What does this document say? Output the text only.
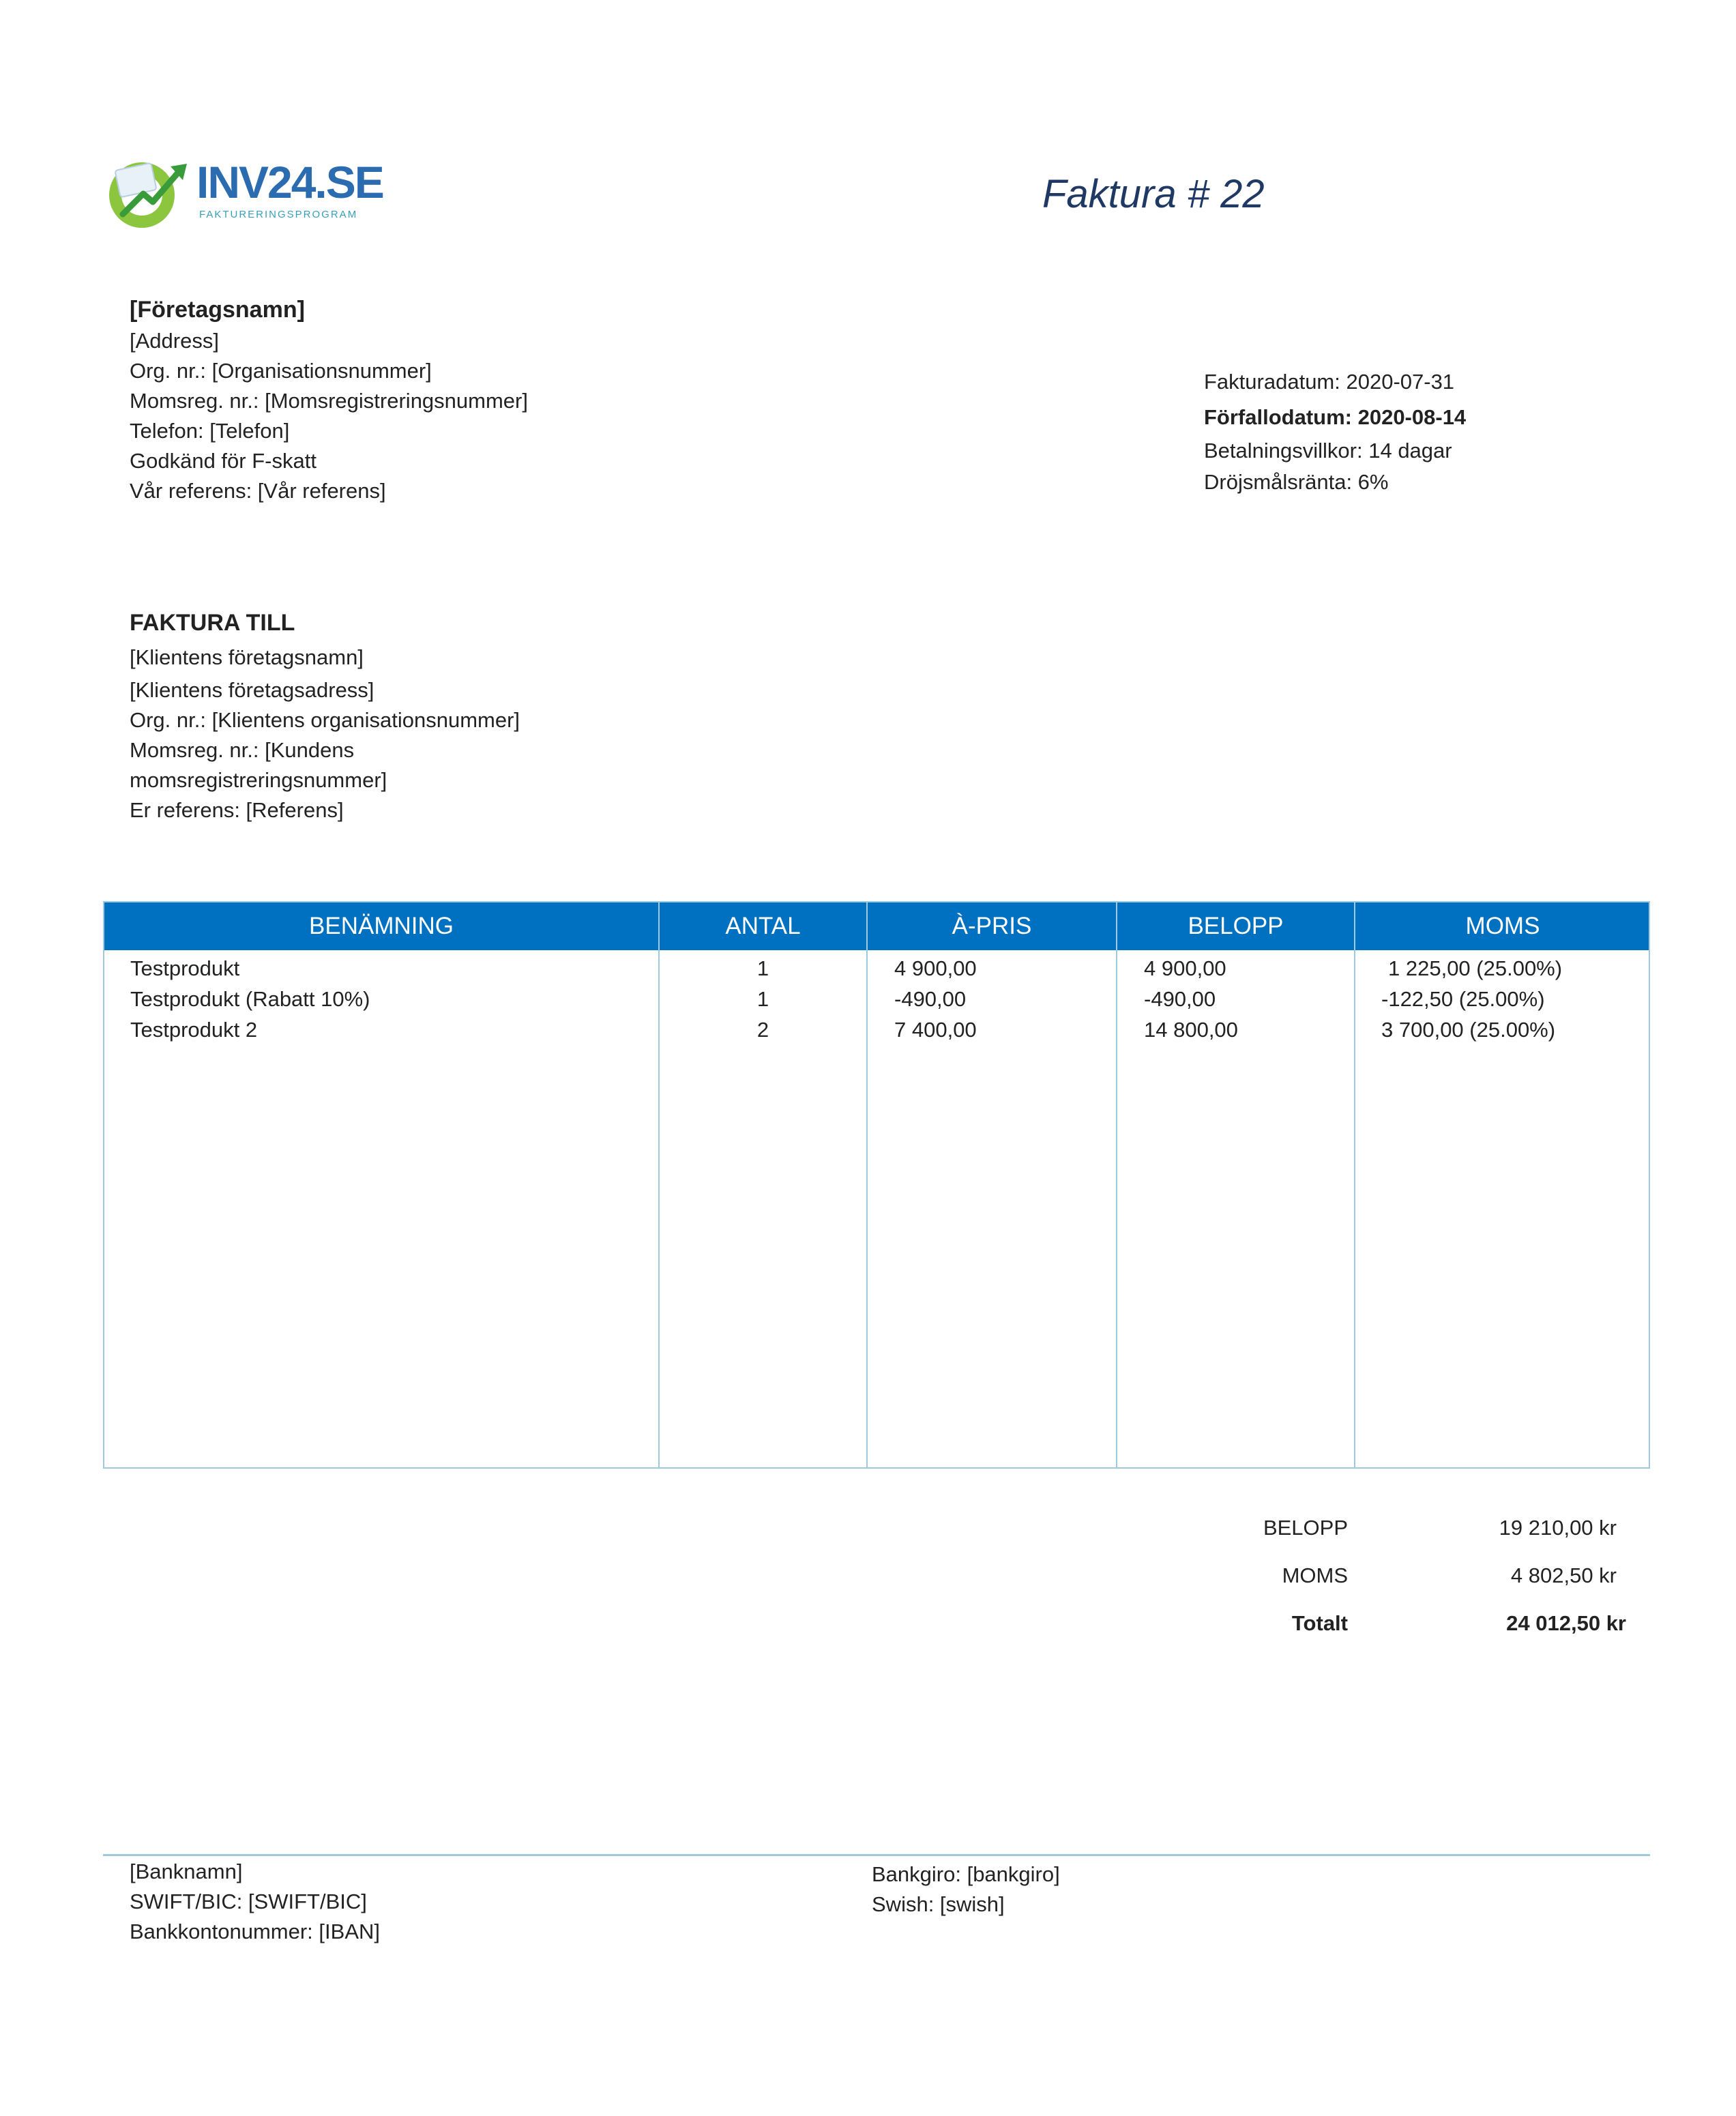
INV24.SE
FAKTURERINGSPROGRAM	Faktura # 22
[Företagsnamn]
[Address]
Org. nr.: [Organisationsnummer]
Momsreg. nr.: [Momsregistreringsnummer]
Telefon: [Telefon]
Godkänd för F-skatt
Vår referens: [Vår referens]
Fakturadatum: 2020-07-31
Förfallodatum: 2020-08-14
Betalningsvillkor: 14 dagar
Dröjsmålsränta: 6%
FAKTURA TILL
[Klientens företagsnamn]
[Klientens företagsadress]
Org. nr.: [Klientens organisationsnummer]
Momsreg. nr.: [Kundens
momsregistreringsnummer]
Er referens: [Referens]
BENÄMNING	ANTAL	À-PRIS	BELOPP	MOMS
Testprodukt	1	4 900,00	4 900,00	1 225,00 (25.00%)
Testprodukt (Rabatt 10%)	1	-490,00	-490,00	-122,50 (25.00%)
Testprodukt 2	2	7 400,00	14 800,00	3 700,00 (25.00%)
BELOPP	19 210,00 kr
MOMS	4 802,50 kr
Totalt	24 012,50 kr
[Banknamn]
SWIFT/BIC: [SWIFT/BIC]
Bankkontonummer: [IBAN]
Bankgiro: [bankgiro]
Swish: [swish]
